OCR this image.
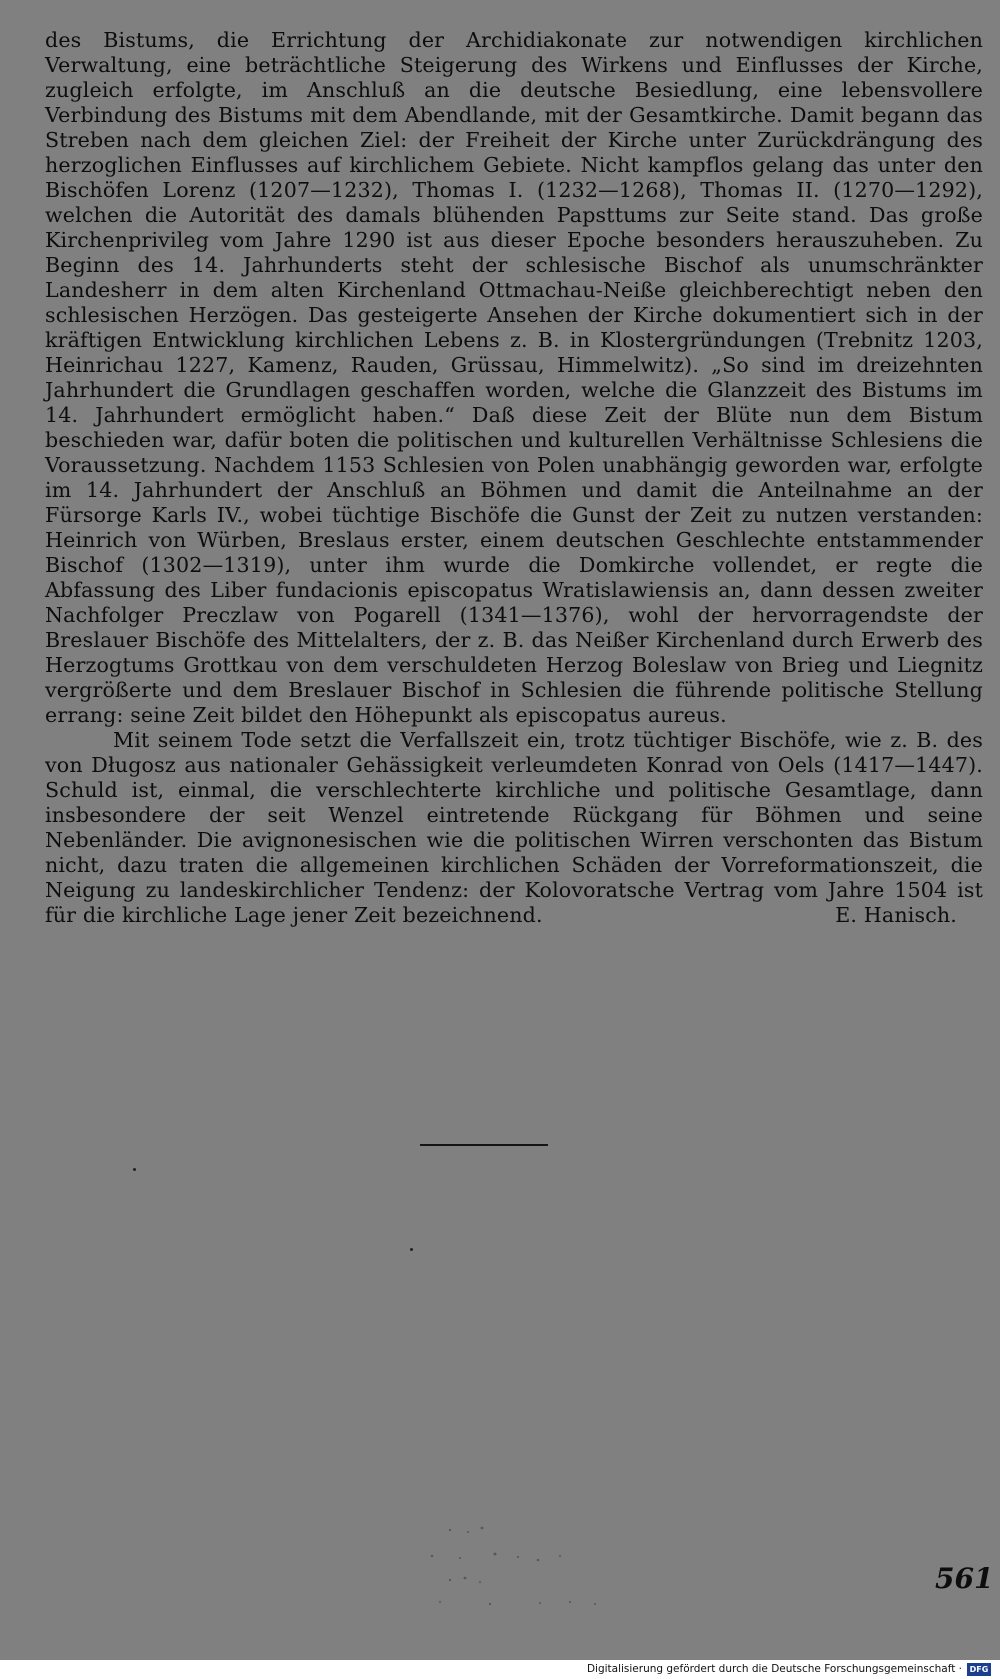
des Bistums, die Errichtung der Archidiakonate zur notwendigen kirchlichen Verwaltung, eine beträchtliche Steigerung des Wirkens und Einflusses der Kirche, zugleich erfolgte, im Anschluß an die deutsche Besiedlung, eine lebensvollere Verbindung des Bistums mit dem Abendlande, mit der Gesamtkirche. Damit begann das Streben nach dem gleichen Ziel: der Freiheit der Kirche unter Zurückdrängung des herzoglichen Einflusses auf kirchlichem Gebiete. Nicht kampflos gelang das unter den Bischöfen Lorenz (1207—1232), Thomas I. (1232—1268), Thomas II. (1270—1292), welchen die Autorität des damals blühenden Papsttums zur Seite stand. Das große Kirchenprivileg vom Jahre 1290 ist aus dieser Epoche besonders herauszuheben. Zu Beginn des 14. Jahrhunderts steht der schlesische Bischof als unumschränkter Landesherr in dem alten Kirchenland Ottmachau-Neiße gleichberechtigt neben den schlesischen Herzögen. Das gesteigerte Ansehen der Kirche dokumentiert sich in der kräftigen Entwicklung kirchlichen Lebens z. B. in Klostergründungen (Trebnitz 1203, Heinrichau 1227, Kamenz, Rauden, Grüssau, Himmelwitz). „So sind im dreizehnten Jahrhundert die Grundlagen geschaffen worden, welche die Glanzzeit des Bistums im 14. Jahrhundert ermöglicht haben.“ Daß diese Zeit der Blüte nun dem Bistum beschieden war, dafür boten die politischen und kulturellen Verhältnisse Schlesiens die Voraussetzung. Nachdem 1153 Schlesien von Polen unabhängig geworden war, erfolgte im 14. Jahrhundert der Anschluß an Böhmen und damit die Anteilnahme an der Fürsorge Karls IV., wobei tüchtige Bischöfe die Gunst der Zeit zu nutzen verstanden: Heinrich von Würben, Breslaus erster, einem deutschen Geschlechte entstammender Bischof (1302—1319), unter ihm wurde die Domkirche vollendet, er regte die Abfassung des Liber fundacionis episcopatus Wratislawiensis an, dann dessen zweiter Nachfolger Preczlaw von Pogarell (1341—1376), wohl der hervorragendste der Breslauer Bischöfe des Mittelalters, der z. B. das Neißer Kirchenland durch Erwerb des Herzogtums Grottkau von dem verschuldeten Herzog Boleslaw von Brieg und Liegnitz vergrößerte und dem Breslauer Bischof in Schlesien die führende politische Stellung errang: seine Zeit bildet den Höhepunkt als episcopatus aureus.

Mit seinem Tode setzt die Verfallszeit ein, trotz tüchtiger Bischöfe, wie z. B. des von Długosz aus nationaler Gehässigkeit verleumdeten Konrad von Oels (1417—1447). Schuld ist, einmal, die verschlechterte kirchliche und politische Gesamtlage, dann insbesondere der seit Wenzel eintretende Rückgang für Böhmen und seine Nebenländer. Die avignonesischen wie die politischen Wirren verschonten das Bistum nicht, dazu traten die allgemeinen kirchlichen Schäden der Vorreformationszeit, die Neigung zu landeskirchlicher Tendenz: der Kolovoratsche Vertrag vom Jahre 1504 ist für die kirchliche Lage jener Zeit bezeichnend.	E. Hanisch.

561
Digitalisierung gefördert durch die Deutsche Forschungsgemeinschaft · DFG
